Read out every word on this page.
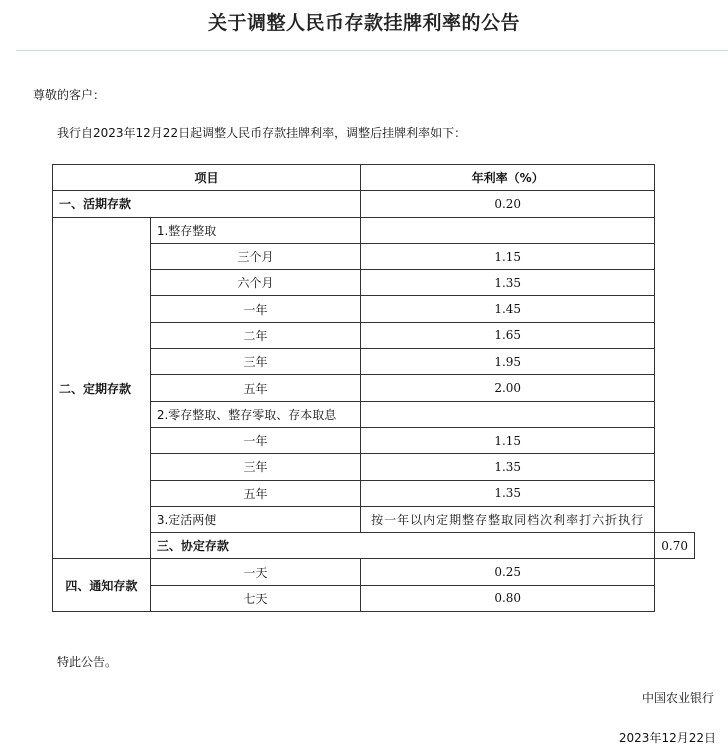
关于调整人民币存款挂牌利率的公告
尊敬的客户：
我行自2023年12月22日起调整人民币存款挂牌利率，调整后挂牌利率如下：
项目		年利率（%）	
一、活期存款		0.20	
二、定期存款	1.整存整取		
	三个月	1.15	
	六个月	1.35	
	一年	1.45	
	二年	1.65	
	三年	1.95	
	五年	2.00	
	2.零存整取、整存零取、存本取息		
	一年	1.15	
	三年	1.35	
	五年	1.35	
	3.定活两便	按一年以内定期整存整取同档次利率打六折执行	
	三、协定存款		0.70
四、通知存款	一天	0.25	
	七天	0.80	
特此公告。
中国农业银行
2023年12月22日
